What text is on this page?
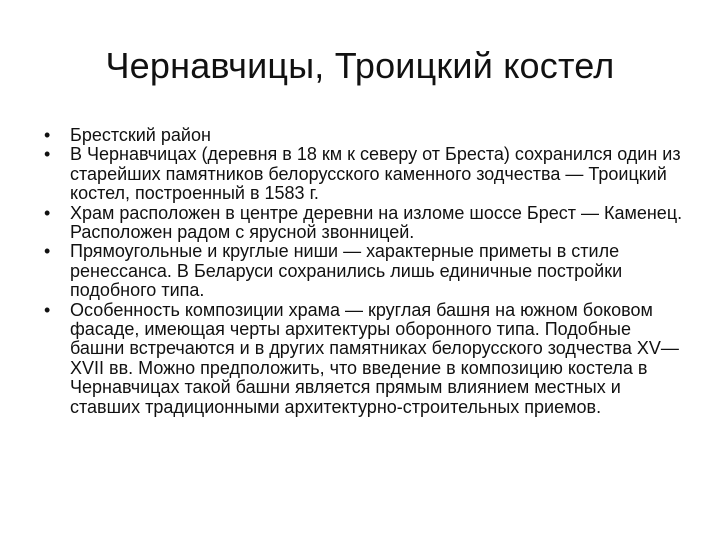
Чернавчицы, Троицкий костел
•	Брестский район
•	В Чернавчицах (деревня в 18 км к северу от Бреста) сохранился один из старейших памятников белорусского каменного зодчества — Троицкий костел, построенный в 1583 г.
•	Храм расположен в центре деревни на изломе шоссе Брест — Каменец. Расположен радом с ярусной звонницей.
•	Прямоугольные и круглые ниши — характерные приметы в стиле ренессанса. В Беларуси сохранились лишь единичные постройки подобного типа.
•	Особенность композиции храма — круглая башня на южном боковом фасаде, имеющая черты архитектуры оборонного типа. Подобные башни встречаются и в других памятниках белорусского зодчества XV—XVII вв. Можно предположить, что введение в композицию костела в Чернавчицах такой башни является прямым влиянием местных и ставших традиционными архитектурно-строительных приемов.
